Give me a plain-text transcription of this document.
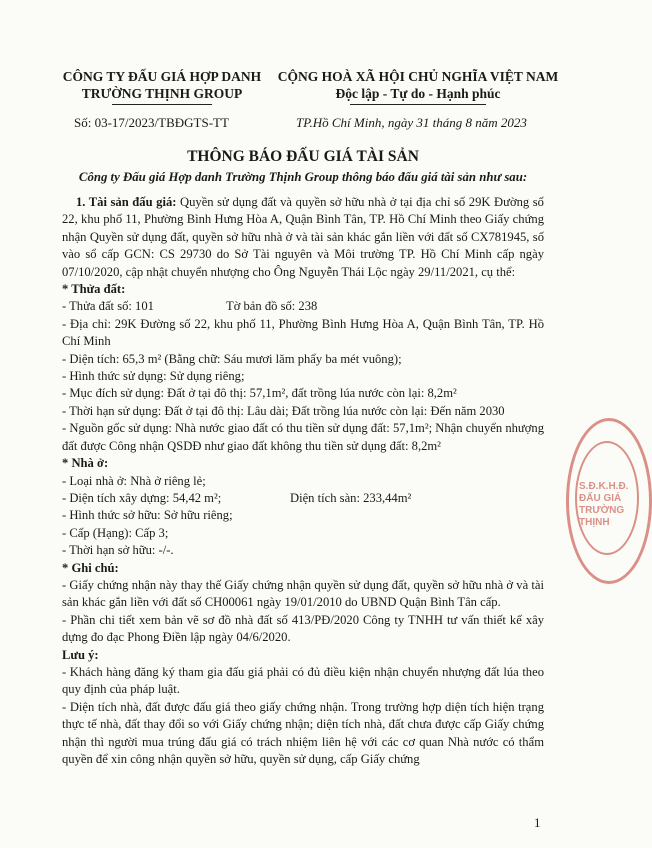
CÔNG TY ĐẤU GIÁ HỢP DANH
TRƯỜNG THỊNH GROUP
CỘNG HOÀ XÃ HỘI CHỦ NGHĨA VIỆT NAM
Độc lập - Tự do - Hạnh phúc
Số: 03-17/2023/TBĐGTS-TT	TP.Hồ Chí Minh, ngày 31 tháng 8 năm 2023
THÔNG BÁO ĐẤU GIÁ TÀI SẢN
Công ty Đấu giá Hợp danh Trường Thịnh Group thông báo đấu giá tài sản như sau:

1. Tài sản đấu giá: Quyền sử dụng đất và quyền sở hữu nhà ở tại địa chỉ số 29K Đường số 22, khu phố 11, Phường Bình Hưng Hòa A, Quận Bình Tân, TP. Hồ Chí Minh theo Giấy chứng nhận Quyền sử dụng đất, quyền sở hữu nhà ở và tài sản khác gắn liền với đất số CX781945, số vào sổ cấp GCN: CS 29730 do Sở Tài nguyên và Môi trường TP. Hồ Chí Minh cấp ngày 07/10/2020, cập nhật chuyển nhượng cho Ông Nguyễn Thái Lộc ngày 29/11/2021, cụ thể:

* Thửa đất:

- Thửa đất số: 101	Tờ bản đồ số: 238

- Địa chỉ: 29K Đường số 22, khu phố 11, Phường Bình Hưng Hòa A, Quận Bình Tân, TP. Hồ Chí Minh

- Diện tích: 65,3 m² (Bằng chữ: Sáu mươi lăm phẩy ba mét vuông);

- Hình thức sử dụng: Sử dụng riêng;

- Mục đích sử dụng: Đất ở tại đô thị: 57,1m², đất trồng lúa nước còn lại: 8,2m²

- Thời hạn sử dụng: Đất ở tại đô thị: Lâu dài; Đất trồng lúa nước còn lại: Đến năm 2030

- Nguồn gốc sử dụng: Nhà nước giao đất có thu tiền sử dụng đất: 57,1m²; Nhận chuyển nhượng đất được Công nhận QSDĐ như giao đất không thu tiền sử dụng đất: 8,2m²

* Nhà ở:

- Loại nhà ở: Nhà ở riêng lẻ;

- Diện tích xây dựng: 54,42 m²;	Diện tích sàn: 233,44m²

- Hình thức sở hữu: Sở hữu riêng;

- Cấp (Hạng): Cấp 3;

- Thời hạn sở hữu: -/-.

* Ghi chú:

- Giấy chứng nhận này thay thế Giấy chứng nhận quyền sử dụng đất, quyền sở hữu nhà ở và tài sản khác gắn liền với đất số CH00061 ngày 19/01/2010 do UBND Quận Bình Tân cấp.

- Phần chi tiết xem bản vẽ sơ đồ nhà đất số 413/PĐ/2020 Công ty TNHH tư vấn thiết kế xây dựng đo đạc Phong Điền lập ngày 04/6/2020.

Lưu ý:

- Khách hàng đăng ký tham gia đấu giá phải có đủ điều kiện nhận chuyển nhượng đất lúa theo quy định của pháp luật.

- Diện tích nhà, đất được đấu giá theo giấy chứng nhận. Trong trường hợp diện tích hiện trạng thực tế nhà, đất thay đổi so với Giấy chứng nhận; diện tích nhà, đất chưa được cấp Giấy chứng nhận thì người mua trúng đấu giá có trách nhiệm liên hệ với các cơ quan Nhà nước có thẩm quyền để xin công nhận quyền sở hữu, quyền sử dụng, cấp Giấy chứng

S.Đ.K.H.Đ. ĐẤU GIÁ TRƯỜNG THỊNH
1
